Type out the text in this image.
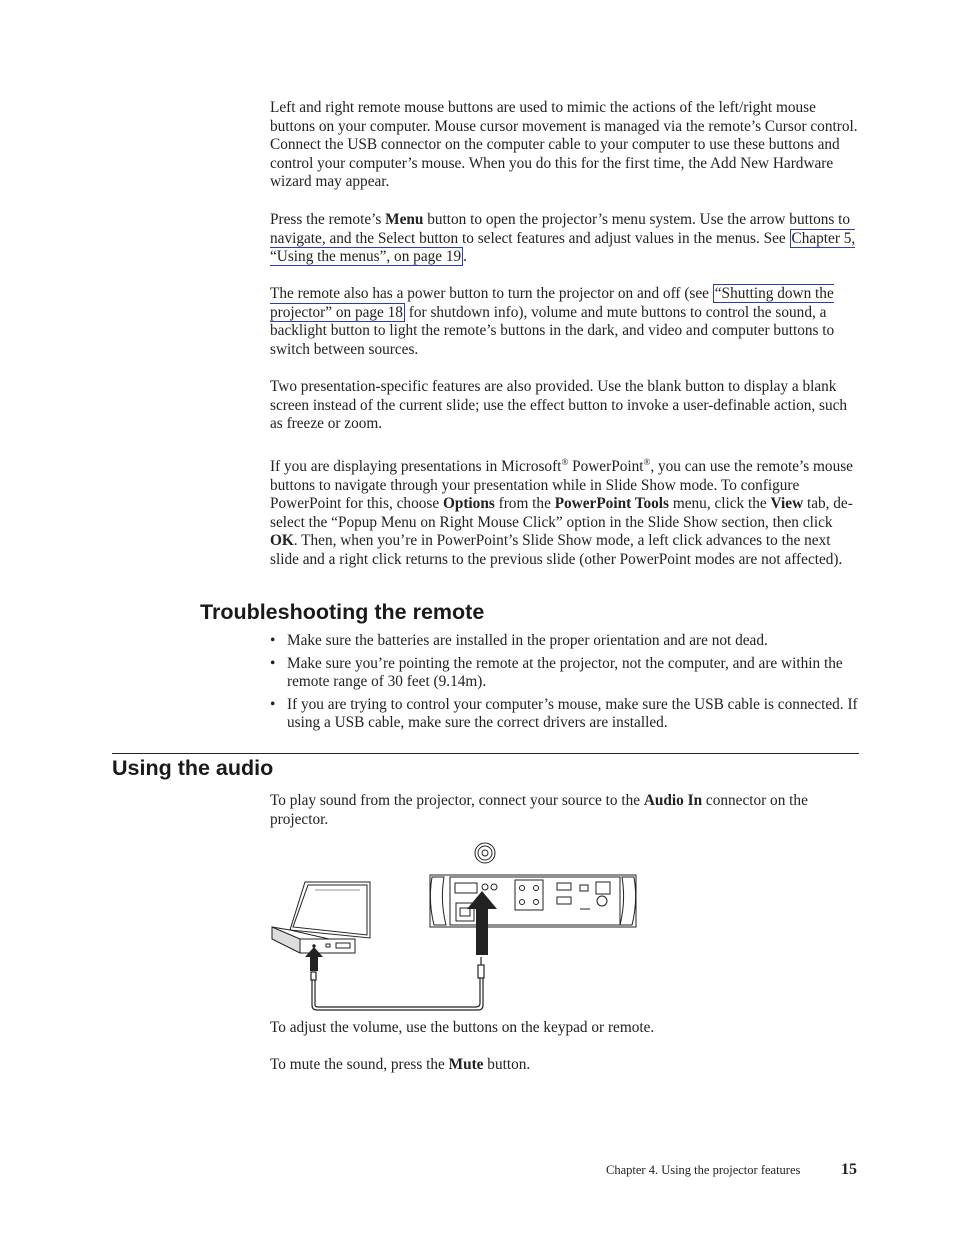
Left and right remote mouse buttons are used to mimic the actions of the left/right mouse buttons on your computer. Mouse cursor movement is managed via the remote’s Cursor control. Connect the USB connector on the computer cable to your computer to use these buttons and control your computer’s mouse. When you do this for the first time, the Add New Hardware wizard may appear.

Press the remote’s Menu button to open the projector’s menu system. Use the arrow buttons to navigate, and the Select button to select features and adjust values in the menus. See Chapter 5, “Using the menus”, on page 19 .

The remote also has a power button to turn the projector on and off (see “Shutting down the projector” on page 18 for shutdown info), volume and mute buttons to control the sound, a backlight button to light the remote’s buttons in the dark, and video and computer buttons to switch between sources.

Two presentation-specific features are also provided. Use the blank button to display a blank screen instead of the current slide; use the effect button to invoke a user-definable action, such as freeze or zoom.

If you are displaying presentations in Microsoft® PowerPoint®, you can use the remote’s mouse buttons to navigate through your presentation while in Slide Show mode. To configure PowerPoint for this, choose Options from the PowerPoint Tools menu, click the View tab, de-select the “Popup Menu on Right Mouse Click” option in the Slide Show section, then click OK. Then, when you’re in PowerPoint’s Slide Show mode, a left click advances to the next slide and a right click returns to the previous slide (other PowerPoint modes are not affected).

Troubleshooting the remote
• Make sure the batteries are installed in the proper orientation and are not dead.
• Make sure you’re pointing the remote at the projector, not the computer, and are within the remote range of 30 feet (9.14m).
• If you are trying to control your computer’s mouse, make sure the USB cable is connected. If using a USB cable, make sure the correct drivers are installed.
Using the audio

To play sound from the projector, connect your source to the Audio In connector on the projector.

To adjust the volume, use the buttons on the keypad or remote.

To mute the sound, press the Mute button.

Chapter 4. Using the projector features	15
